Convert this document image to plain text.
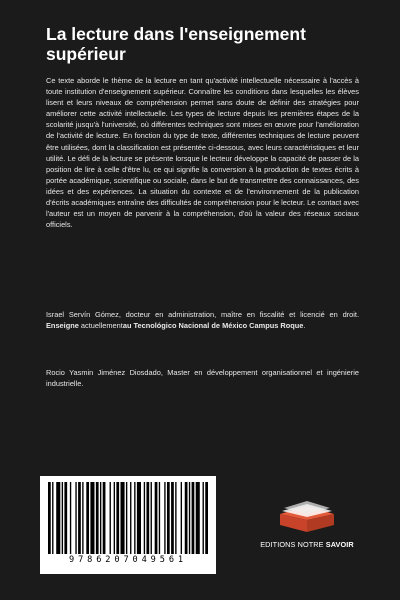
La lecture dans l'enseignement supérieur

Ce texte aborde le thème de la lecture en tant qu'activité intellectuelle nécessaire à l'accès à toute institution d'enseignement supérieur. Connaître les conditions dans lesquelles les élèves lisent et leurs niveaux de compréhension permet sans doute de définir des stratégies pour améliorer cette activité intellectuelle. Les types de lecture depuis les premières étapes de la scolarité jusqu'à l'université, où différentes techniques sont mises en œuvre pour l'amélioration de l'activité de lecture. En fonction du type de texte, différentes techniques de lecture peuvent être utilisées, dont la classification est présentée ci-dessous, avec leurs caractéristiques et leur utilité. Le défi de la lecture se présente lorsque le lecteur développe la capacité de passer de la position de lire à celle d'être lu, ce qui signifie la conversion à la production de textes écrits à portée académique, scientifique ou sociale, dans le but de transmettre des connaissances, des idées et des expériences. La situation du contexte et de l'environnement de la publication d'écrits académiques entraîne des difficultés de compréhension pour le lecteur. Le contact avec l'auteur est un moyen de parvenir à la compréhension, d'où la valeur des réseaux sociaux officiels.

Israel Servín Gómez, docteur en administration, maître en fiscalité et licencié en droit. Enseigne actuellementau Tecnológico Nacional de México Campus Roque.

Rocio Yasmin Jiménez Diosdado, Master en développement organisationnel et ingénierie industrielle.

9786207049561
EDITIONS NOTRE SAVOIR
